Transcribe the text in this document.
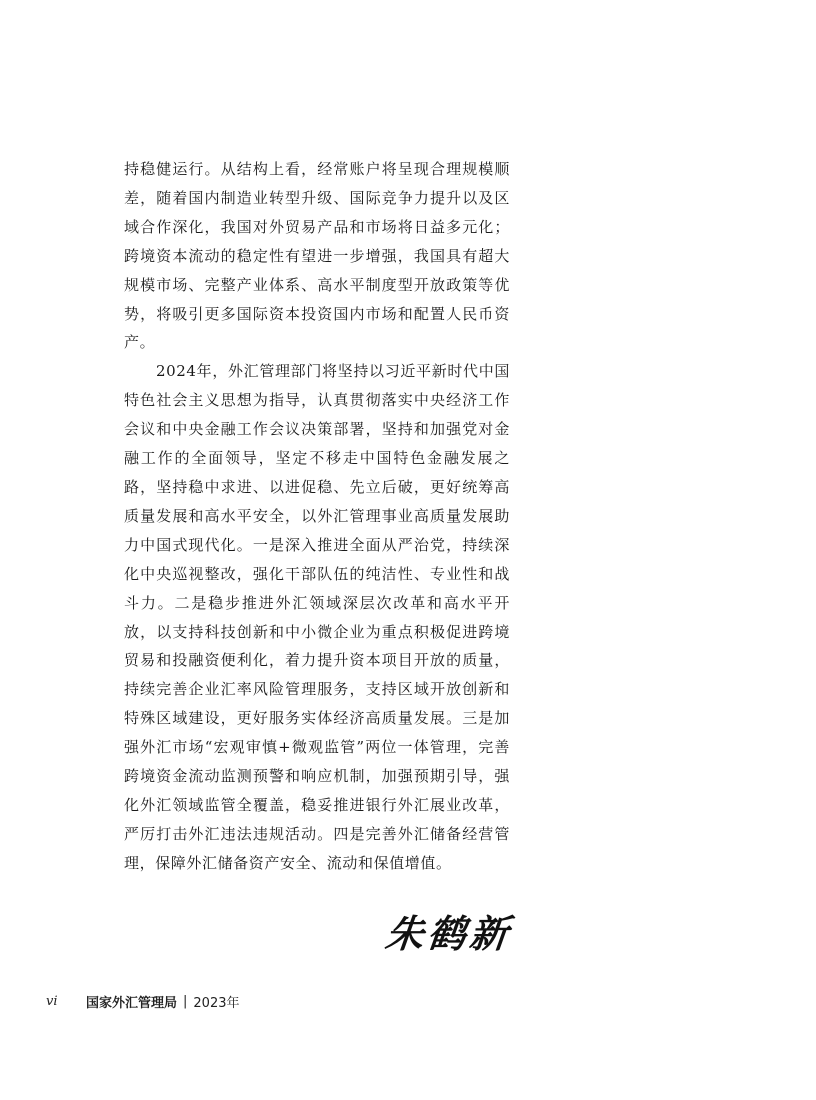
持稳健运行。从结构上看，经常账户将呈现合理规模顺差，随着国内制造业转型升级、国际竞争力提升以及区域合作深化，我国对外贸易产品和市场将日益多元化；跨境资本流动的稳定性有望进一步增强，我国具有超大规模市场、完整产业体系、高水平制度型开放政策等优势，将吸引更多国际资本投资国内市场和配置人民币资产。

2024年，外汇管理部门将坚持以习近平新时代中国特色社会主义思想为指导，认真贯彻落实中央经济工作会议和中央金融工作会议决策部署，坚持和加强党对金融工作的全面领导，坚定不移走中国特色金融发展之路，坚持稳中求进、以进促稳、先立后破，更好统筹高质量发展和高水平安全，以外汇管理事业高质量发展助力中国式现代化。一是深入推进全面从严治党，持续深化中央巡视整改，强化干部队伍的纯洁性、专业性和战斗力。二是稳步推进外汇领域深层次改革和高水平开放，以支持科技创新和中小微企业为重点积极促进跨境贸易和投融资便利化，着力提升资本项目开放的质量，持续完善企业汇率风险管理服务，支持区域开放创新和特殊区域建设，更好服务实体经济高质量发展。三是加强外汇市场“宏观审慎+微观监管”两位一体管理，完善跨境资金流动监测预警和响应机制，加强预期引导，强化外汇领域监管全覆盖，稳妥推进银行外汇展业改革，严厉打击外汇违法违规活动。四是完善外汇储备经营管理，保障外汇储备资产安全、流动和保值增值。

朱鹤新
vi	国家外汇管理局 | 2023年
